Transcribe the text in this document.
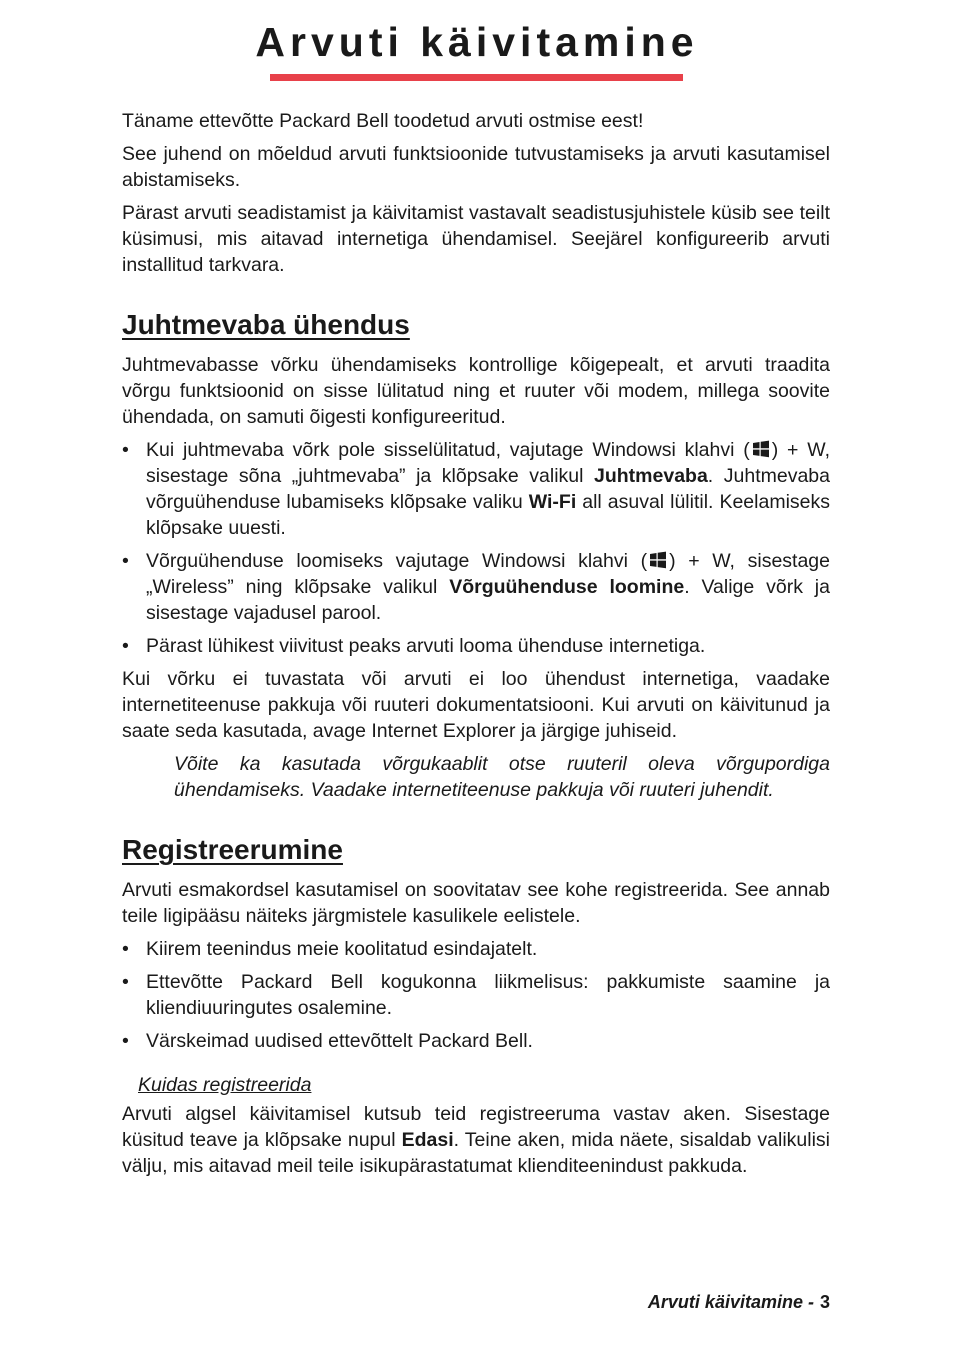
Arvuti käivitamine

Täname ettevõtte Packard Bell toodetud arvuti ostmise eest!

See juhend on mõeldud arvuti funktsioonide tutvustamiseks ja arvuti kasutamisel abistamiseks.

Pärast arvuti seadistamist ja käivitamist vastavalt seadistusjuhistele küsib see teilt küsimusi, mis aitavad internetiga ühendamisel. Seejärel konfigureerib arvuti installitud tarkvara.

Juhtmevaba ühendus

Juhtmevabasse võrku ühendamiseks kontrollige kõigepealt, et arvuti traadita võrgu funktsioonid on sisse lülitatud ning et ruuter või modem, millega soovite ühendada, on samuti õigesti konfigureeritud.

• Kui juhtmevaba võrk pole sisselülitatud, vajutage Windowsi klahvi ( ) + W, sisestage sõna „juhtmevaba” ja klõpsake valikul Juhtmevaba. Juhtmevaba võrguühenduse lubamiseks klõpsake valiku Wi-Fi all asuval lülitil. Keelamiseks klõpsake uuesti.
• Võrguühenduse loomiseks vajutage Windowsi klahvi ( ) + W, sisestage „Wireless” ning klõpsake valikul Võrguühenduse loomine. Valige võrk ja sisestage vajadusel parool.
• Pärast lühikest viivitust peaks arvuti looma ühenduse internetiga.

Kui võrku ei tuvastata või arvuti ei loo ühendust internetiga, vaadake internetiteenuse pakkuja või ruuteri dokumentatsiooni. Kui arvuti on käivitunud ja saate seda kasutada, avage Internet Explorer ja järgige juhiseid.

Võite ka kasutada võrgukaablit otse ruuteril oleva võrgupordiga ühendamiseks. Vaadake internetiteenuse pakkuja või ruuteri juhendit.

Registreerumine

Arvuti esmakordsel kasutamisel on soovitatav see kohe registreerida. See annab teile ligipääsu näiteks järgmistele kasulikele eelistele.

• Kiirem teenindus meie koolitatud esindajatelt.
• Ettevõtte Packard Bell kogukonna liikmelisus: pakkumiste saamine ja kliendiuuringutes osalemine.
• Värskeimad uudised ettevõttelt Packard Bell.
Kuidas registreerida

Arvuti algsel käivitamisel kutsub teid registreeruma vastav aken. Sisestage küsitud teave ja klõpsake nupul Edasi. Teine aken, mida näete, sisaldab valikulisi välju, mis aitavad meil teile isikupärastatumat klienditeenindust pakkuda.

Arvuti käivitamine - 3
